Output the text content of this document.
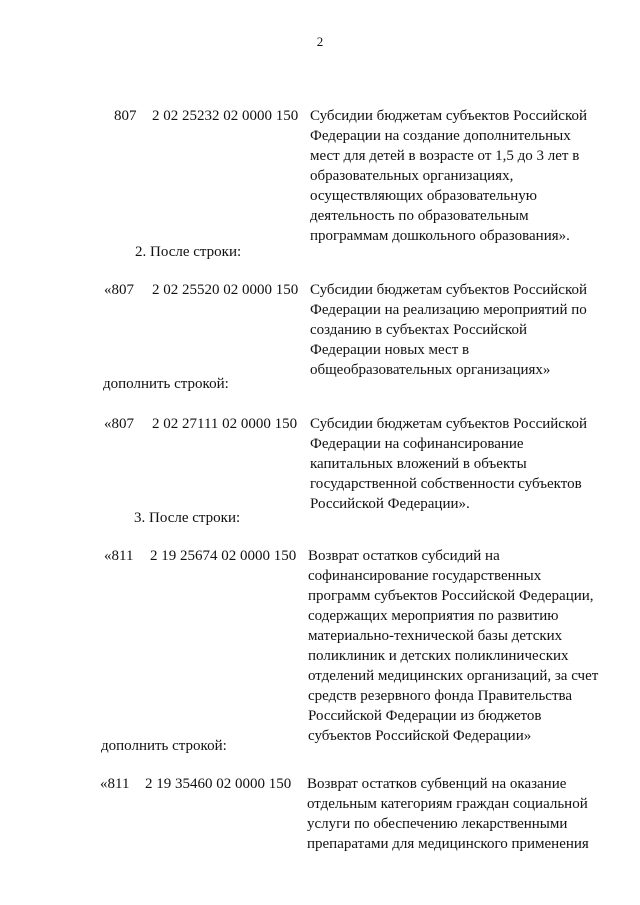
2
807 2 02 25232 02 0000 150 Субсидии бюджетам субъектов Российской
Федерации на создание дополнительных
мест для детей в возрасте от 1,5 до 3 лет в
образовательных организациях,
осуществляющих образовательную
деятельность по образовательным
программам дошкольного образования».
2. После строки:
«807 2 02 25520 02 0000 150 Субсидии бюджетам субъектов Российской
Федерации на реализацию мероприятий по
созданию в субъектах Российской
Федерации новых мест в
общеобразовательных организациях»
дополнить строкой:
«807 2 02 27111 02 0000 150 Субсидии бюджетам субъектов Российской
Федерации на софинансирование
капитальных вложений в объекты
государственной собственности субъектов
Российской Федерации».
3. После строки:
«811 2 19 25674 02 0000 150 Возврат остатков субсидий на
софинансирование государственных
программ субъектов Российской Федерации,
содержащих мероприятия по развитию
материально-технической базы детских
поликлиник и детских поликлинических
отделений медицинских организаций, за счет
средств резервного фонда Правительства
Российской Федерации из бюджетов
субъектов Российской Федерации»
дополнить строкой:
«811 2 19 35460 02 0000 150 Возврат остатков субвенций на оказание
отдельным категориям граждан социальной
услуги по обеспечению лекарственными
препаратами для медицинского применения
